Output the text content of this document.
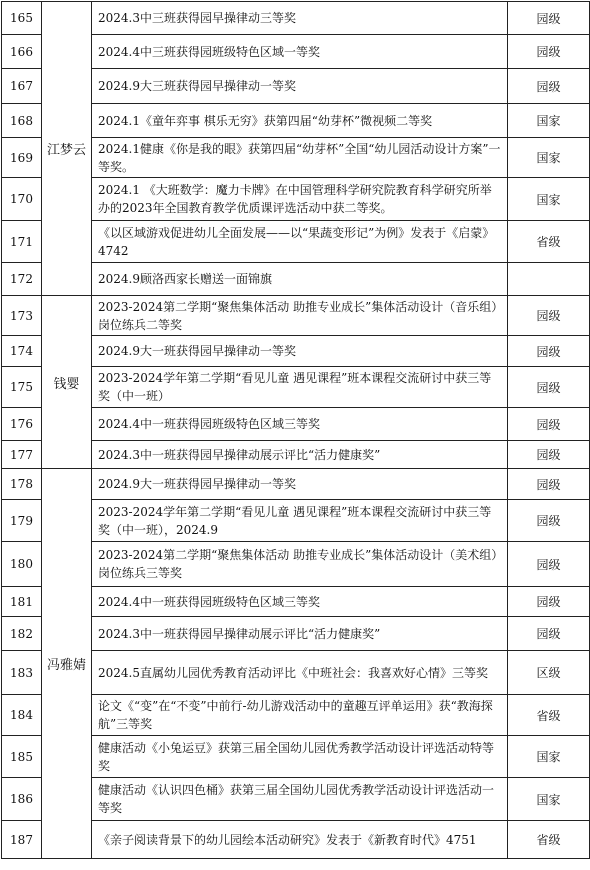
165	江梦云	2024.3中三班获得园早操律动三等奖	园级
166		2024.4中三班获得园班级特色区域一等奖	园级
167		2024.9大三班获得园早操律动一等奖	园级
168		2024.1《童年弈事 棋乐无穷》获第四届“幼芽杯”微视频二等奖	国家
169		2024.1健康《你是我的眼》获第四届“幼芽杯”全国“幼儿园活动设计方案”一等奖。	国家
170		2024.1 《大班数学：魔力卡牌》在中国管理科学研究院教育科学研究所举办的2023年全国教育教学优质课评选活动中获二等奖。	国家
171		《以区域游戏促进幼儿全面发展——以“果蔬变形记”为例》发表于《启蒙》4742	省级
172		2024.9顾洛西家长赠送一面锦旗	
173	钱婴	2023-2024第二学期“聚焦集体活动 助推专业成长”集体活动设计（音乐组）岗位练兵二等奖	园级
174		2024.9大一班获得园早操律动一等奖	园级
175		2023-2024学年第二学期“看见儿童 遇见课程”班本课程交流研讨中获三等奖（中一班）	园级
176		2024.4中一班获得园班级特色区域三等奖	园级
177		2024.3中一班获得园早操律动展示评比“活力健康奖”	园级
178	冯雅婧	2024.9大一班获得园早操律动一等奖	园级
179		2023-2024学年第二学期“看见儿童 遇见课程”班本课程交流研讨中获三等奖（中一班），2024.9	园级
180		2023-2024第二学期“聚焦集体活动 助推专业成长”集体活动设计（美术组）岗位练兵三等奖	园级
181		2024.4中一班获得园班级特色区域三等奖	园级
182		2024.3中一班获得园早操律动展示评比“活力健康奖”	园级
183		2024.5直属幼儿园优秀教育活动评比《中班社会：我喜欢好心情》三等奖	区级
184		论文《“变”在“不变”中前行-幼儿游戏活动中的童趣互评单运用》获“教海探航”三等奖	省级
185		健康活动《小兔运豆》获第三届全国幼儿园优秀教学活动设计评选活动特等奖	国家
186		健康活动《认识四色桶》获第三届全国幼儿园优秀教学活动设计评选活动一等奖	国家
187		《亲子阅读背景下的幼儿园绘本活动研究》发表于《新教育时代》4751	省级
